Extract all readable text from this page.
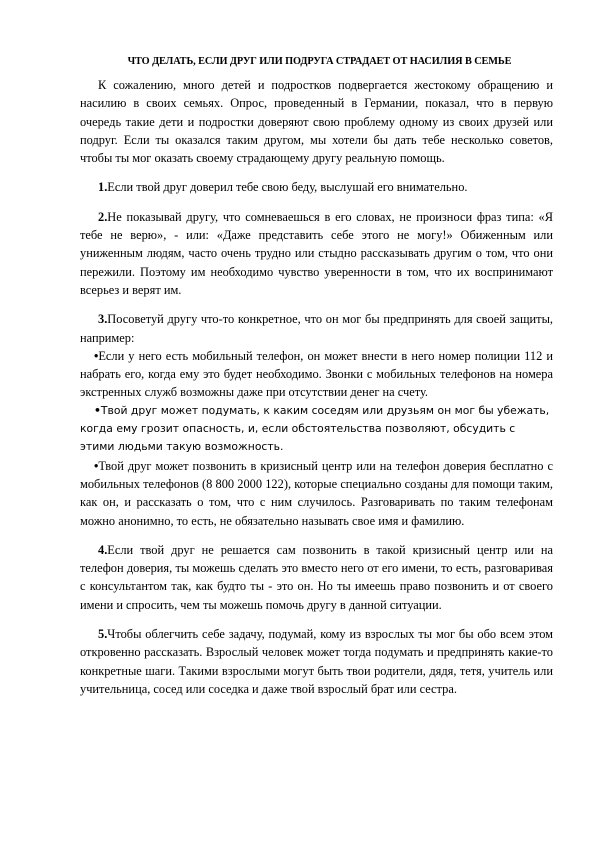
ЧТО ДЕЛАТЬ, ЕСЛИ ДРУГ ИЛИ ПОДРУГА СТРАДАЕТ ОТ НАСИЛИЯ В СЕМЬЕ

К сожалению, много детей и подростков подвергается жестокому обращению и насилию в своих семьях. Опрос, проведенный в Германии, показал, что в первую очередь такие дети и подростки доверяют свою проблему одному из своих друзей или подруг. Если ты оказался таким другом, мы хотели бы дать тебе несколько советов, чтобы ты мог оказать своему страдающему другу реальную помощь.

1.Если твой друг доверил тебе свою беду, выслушай его внимательно.

2.Не показывай другу, что сомневаешься в его словах, не произноси фраз типа: «Я тебе не верю», - или: «Даже представить себе этого не могу!» Обиженным или униженным людям, часто очень трудно или стыдно рассказывать другим о том, что они пережили. Поэтому им необходимо чувство уверенности в том, что их воспринимают всерьез и верят им.

3.Посоветуй другу что-то конкретное, что он мог бы предпринять для своей защиты, например:

•Если у него есть мобильный телефон, он может внести в него номер полиции 112 и набрать его, когда ему это будет необходимо. Звонки с мобильных телефонов на номера экстренных служб возможны даже при отсутствии денег на счету.

•Твой друг может подумать, к каким соседям или друзьям он мог бы убежать, когда ему грозит опасность, и, если обстоятельства позволяют, обсудить с этими людьми такую возможность.

•Твой друг может позвонить в кризисный центр или на телефон доверия бесплатно с мобильных телефонов (8 800 2000 122), которые специально созданы для помощи таким, как он, и рассказать о том, что с ним случилось. Разговаривать по таким телефонам можно анонимно, то есть, не обязательно называть свое имя и фамилию.

4.Если твой друг не решается сам позвонить в такой кризисный центр или на телефон доверия, ты можешь сделать это вместо него от его имени, то есть, разговаривая с консультантом так, как будто ты - это он. Но ты имеешь право позвонить и от своего имени и спросить, чем ты можешь помочь другу в данной ситуации.

5.Чтобы облегчить себе задачу, подумай, кому из взрослых ты мог бы обо всем этом откровенно рассказать. Взрослый человек может тогда подумать и предпринять какие-то конкретные шаги. Такими взрослыми могут быть твои родители, дядя, тетя, учитель или учительница, сосед или соседка и даже твой взрослый брат или сестра.
